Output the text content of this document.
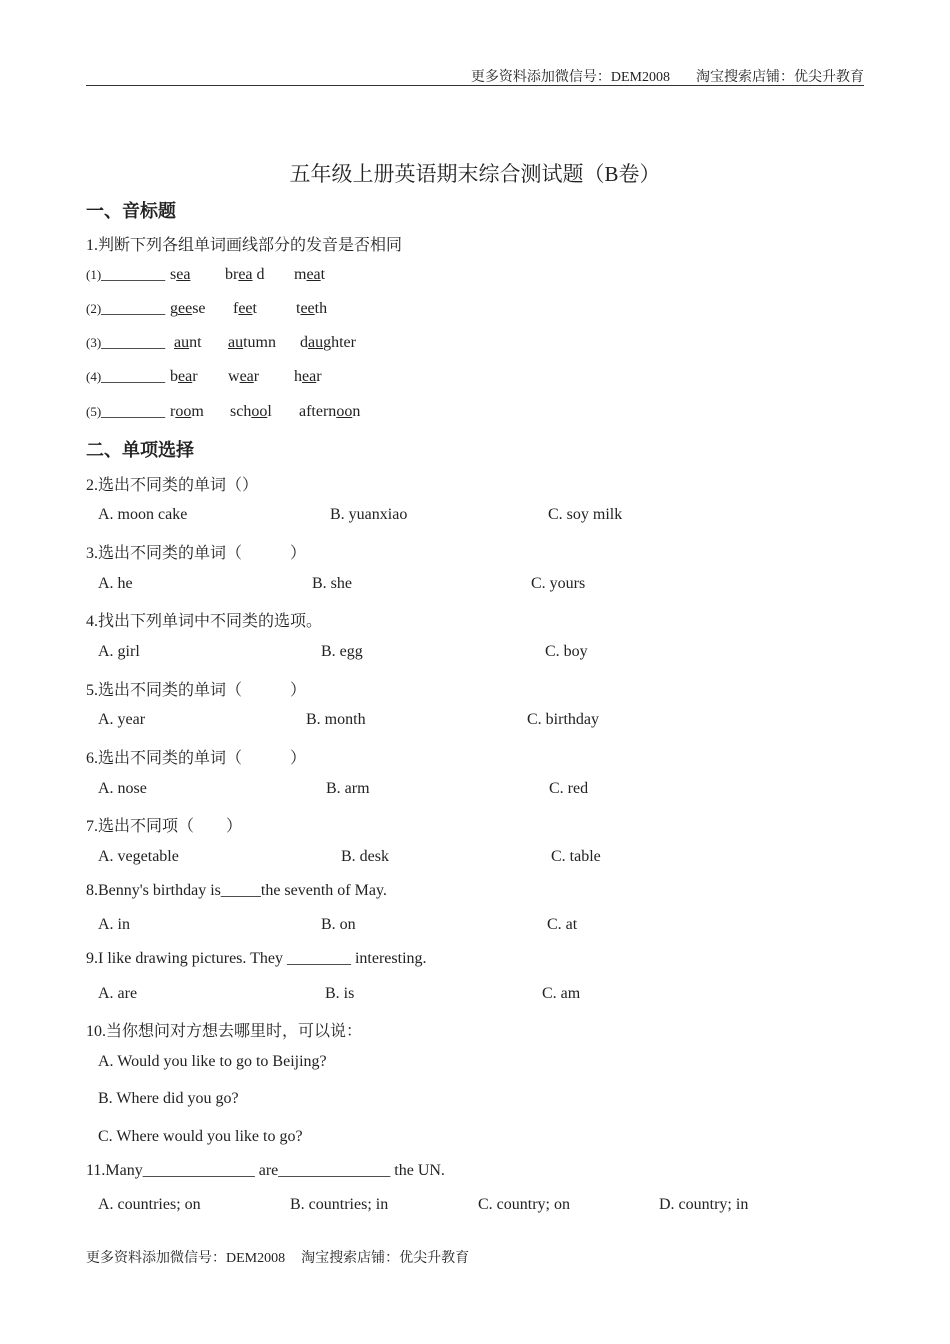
更多资料添加微信号：DEM2008 淘宝搜索店铺：优尖升教育
五年级上册英语期末综合测试题（B卷）
一、音标题
1.判断下列各组单词画线部分的发音是否相同
(1)________ sea brea d meat
(2)________ geese feet teeth
(3)________ aunt autumn daughter
(4)________ bear wear hear
(5)________ room school afternoon
二、单项选择
2.选出不同类的单词（）
A. moon cake	B. yuanxiao	C. soy milk
3.选出不同类的单词（　　　）
A. he	B. she	C. yours
4.找出下列单词中不同类的选项。
A. girl	B. egg	C. boy
5.选出不同类的单词（　　　）
A. year	B. month	C. birthday
6.选出不同类的单词（　　　）
A. nose	B. arm	C. red
7.选出不同项（　　）
A. vegetable	B. desk	C. table
8.Benny's birthday is_____the seventh of May.
A. in	B. on	C. at
9.I like drawing pictures. They ________ interesting.
A. are	B. is	C. am
10.当你想问对方想去哪里时，可以说：
A. Would you like to go to Beijing?
B. Where did you go?
C. Where would you like to go?
11.Many______________ are______________ the UN.
A. countries; on	B. countries; in	C. country; on	D. country; in
更多资料添加微信号：DEM2008 淘宝搜索店铺：优尖升教育
